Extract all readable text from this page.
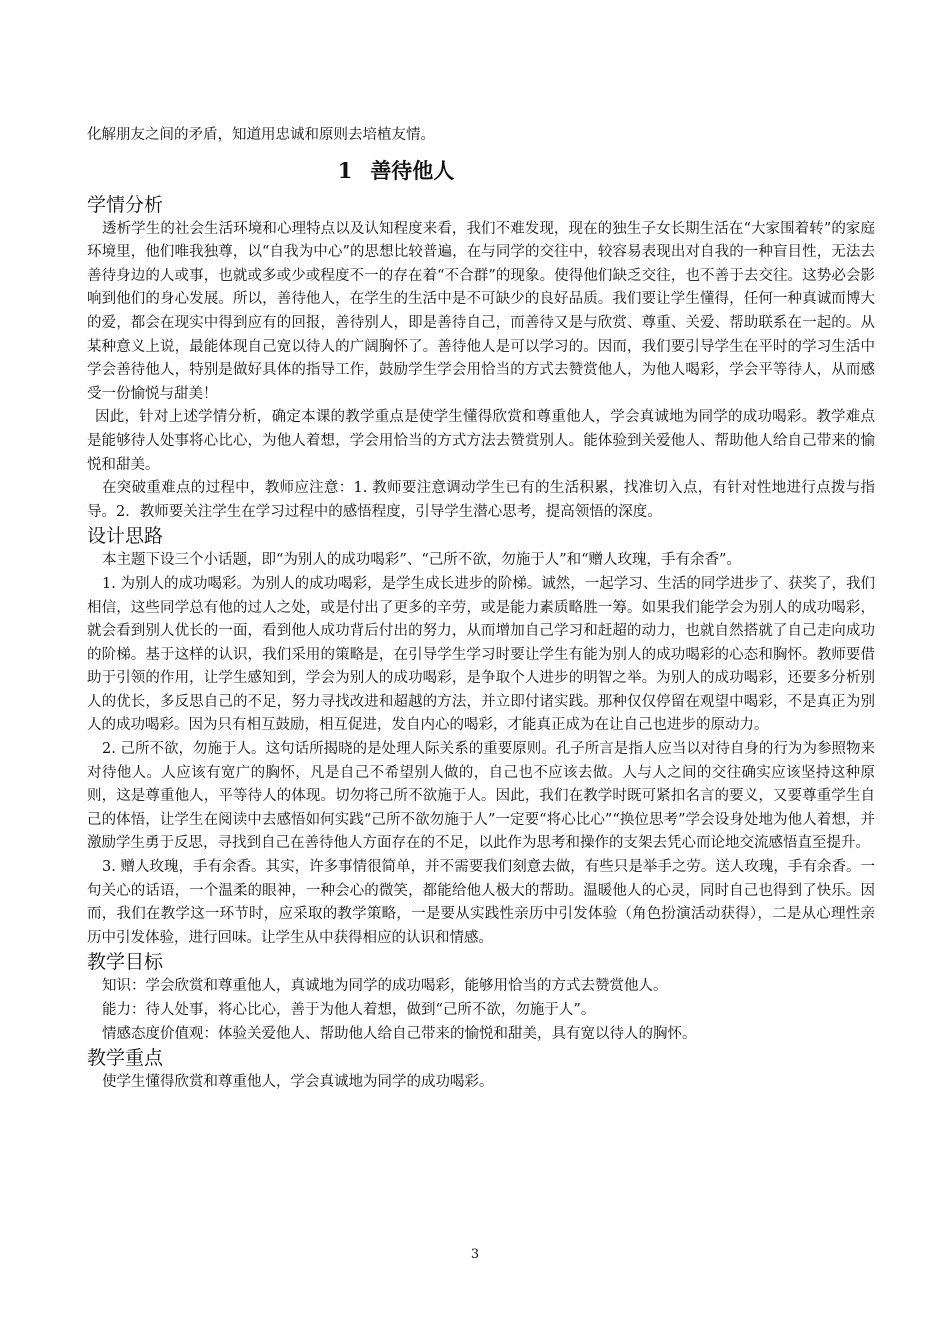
化解朋友之间的矛盾，知道用忠诚和原则去培植友情。

1 善待他人
学情分析

透析学生的社会生活环境和心理特点以及认知程度来看，我们不难发现，现在的独生子女长期生活在“大家围着转”的家庭环境里，他们唯我独尊，以“自我为中心”的思想比较普遍，在与同学的交往中，较容易表现出对自我的一种盲目性，无法去善待身边的人或事，也就或多或少或程度不一的存在着“不合群”的现象。使得他们缺乏交往，也不善于去交往。这势必会影响到他们的身心发展。所以，善待他人，在学生的生活中是不可缺少的良好品质。我们要让学生懂得，任何一种真诚而博大的爱，都会在现实中得到应有的回报，善待别人，即是善待自己，而善待又是与欣赏、尊重、关爱、帮助联系在一起的。从某种意义上说，最能体现自己宽以待人的广阔胸怀了。善待他人是可以学习的。因而，我们要引导学生在平时的学习生活中学会善待他人，特别是做好具体的指导工作，鼓励学生学会用恰当的方式去赞赏他人，为他人喝彩，学会平等待人，从而感受一份愉悦与甜美！

因此，针对上述学情分析，确定本课的教学重点是使学生懂得欣赏和尊重他人，学会真诚地为同学的成功喝彩。教学难点是能够待人处事将心比心，为他人着想，学会用恰当的方式方法去赞赏别人。能体验到关爱他人、帮助他人给自己带来的愉悦和甜美。

在突破重难点的过程中，教师应注意：1. 教师要注意调动学生已有的生活积累，找准切入点，有针对性地进行点拨与指导。2．教师要关注学生在学习过程中的感悟程度，引导学生潜心思考，提高领悟的深度。

设计思路

本主题下设三个小话题，即“为别人的成功喝彩”、“己所不欲，勿施于人”和“赠人玫瑰，手有余香”。

1. 为别人的成功喝彩。为别人的成功喝彩，是学生成长进步的阶梯。诚然，一起学习、生活的同学进步了、获奖了，我们相信，这些同学总有他的过人之处，或是付出了更多的辛劳，或是能力素质略胜一筹。如果我们能学会为别人的成功喝彩，就会看到别人优长的一面，看到他人成功背后付出的努力，从而增加自己学习和赶超的动力，也就自然搭就了自己走向成功的阶梯。基于这样的认识，我们采用的策略是，在引导学生学习时要让学生有能为别人的成功喝彩的心态和胸怀。教师要借助于引领的作用，让学生感知到，学会为别人的成功喝彩，是争取个人进步的明智之举。为别人的成功喝彩，还要多分析别人的优长，多反思自己的不足，努力寻找改进和超越的方法，并立即付诸实践。那种仅仅停留在观望中喝彩，不是真正为别人的成功喝彩。因为只有相互鼓励，相互促进，发自内心的喝彩，才能真正成为在让自己也进步的原动力。

2. 己所不欲，勿施于人。这句话所揭晓的是处理人际关系的重要原则。孔子所言是指人应当以对待自身的行为为参照物来对待他人。人应该有宽广的胸怀，凡是自己不希望别人做的，自己也不应该去做。人与人之间的交往确实应该坚持这种原则，这是尊重他人，平等待人的体现。切勿将己所不欲施于人。因此，我们在教学时既可紧扣名言的要义，又要尊重学生自己的体悟，让学生在阅读中去感悟如何实践“己所不欲勿施于人”一定要“将心比心”“换位思考”学会设身处地为他人着想，并激励学生勇于反思，寻找到自己在善待他人方面存在的不足，以此作为思考和操作的支架去凭心而论地交流感悟直至提升。

3. 赠人玫瑰，手有余香。其实，许多事情很简单，并不需要我们刻意去做，有些只是举手之劳。送人玫瑰，手有余香。一句关心的话语，一个温柔的眼神，一种会心的微笑，都能给他人极大的帮助。温暖他人的心灵，同时自己也得到了快乐。因而，我们在教学这一环节时，应采取的教学策略，一是要从实践性亲历中引发体验（角色扮演活动获得），二是从心理性亲历中引发体验，进行回味。让学生从中获得相应的认识和情感。

教学目标

知识：学会欣赏和尊重他人，真诚地为同学的成功喝彩，能够用恰当的方式去赞赏他人。

能力：待人处事，将心比心，善于为他人着想，做到“己所不欲，勿施于人”。

情感态度价值观：体验关爱他人、帮助他人给自己带来的愉悦和甜美，具有宽以待人的胸怀。

教学重点

使学生懂得欣赏和尊重他人，学会真诚地为同学的成功喝彩。

3
